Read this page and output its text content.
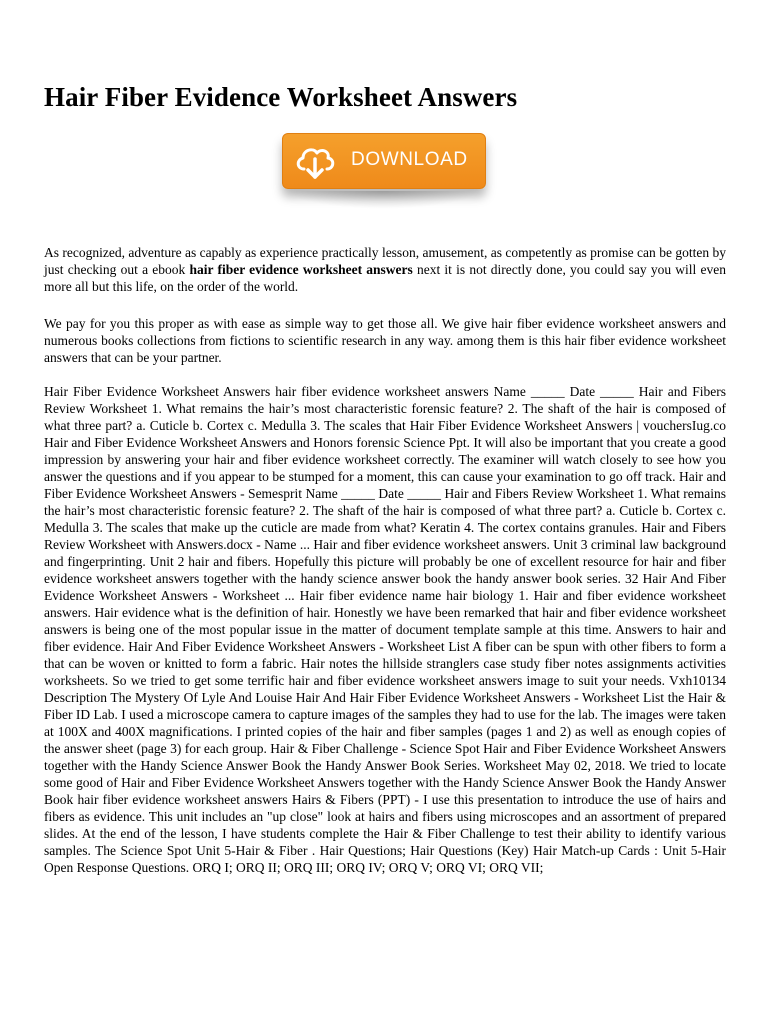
Hair Fiber Evidence Worksheet Answers
DOWNLOAD

As recognized, adventure as capably as experience practically lesson, amusement, as competently as promise can be gotten by just checking out a ebook hair fiber evidence worksheet answers next it is not directly done, you could say you will even more all but this life, on the order of the world.

We pay for you this proper as with ease as simple way to get those all. We give hair fiber evidence worksheet answers and numerous books collections from fictions to scientific research in any way. among them is this hair fiber evidence worksheet answers that can be your partner.

Hair Fiber Evidence Worksheet Answers hair fiber evidence worksheet answers Name _____ Date _____ Hair and Fibers Review Worksheet 1. What remains the hair’s most characteristic forensic feature? 2. The shaft of the hair is composed of what three part? a. Cuticle b. Cortex c. Medulla 3. The scales that Hair Fiber Evidence Worksheet Answers | vouchersIug.co Hair and Fiber Evidence Worksheet Answers and Honors forensic Science Ppt. It will also be important that you create a good impression by answering your hair and fiber evidence worksheet correctly. The examiner will watch closely to see how you answer the questions and if you appear to be stumped for a moment, this can cause your examination to go off track. Hair and Fiber Evidence Worksheet Answers - Semesprit Name _____ Date _____ Hair and Fibers Review Worksheet 1. What remains the hair’s most characteristic forensic feature? 2. The shaft of the hair is composed of what three part? a. Cuticle b. Cortex c. Medulla 3. The scales that make up the cuticle are made from what? Keratin 4. The cortex contains granules. Hair and Fibers Review Worksheet with Answers.docx - Name ... Hair and fiber evidence worksheet answers. Unit 3 criminal law background and fingerprinting. Unit 2 hair and fibers. Hopefully this picture will probably be one of excellent resource for hair and fiber evidence worksheet answers together with the handy science answer book the handy answer book series. 32 Hair And Fiber Evidence Worksheet Answers - Worksheet ... Hair fiber evidence name hair biology 1. Hair and fiber evidence worksheet answers. Hair evidence what is the definition of hair. Honestly we have been remarked that hair and fiber evidence worksheet answers is being one of the most popular issue in the matter of document template sample at this time. Answers to hair and fiber evidence. Hair And Fiber Evidence Worksheet Answers - Worksheet List A fiber can be spun with other fibers to form a that can be woven or knitted to form a fabric. Hair notes the hillside stranglers case study fiber notes assignments activities worksheets. So we tried to get some terrific hair and fiber evidence worksheet answers image to suit your needs. Vxh10134 Description The Mystery Of Lyle And Louise Hair And Hair Fiber Evidence Worksheet Answers - Worksheet List the Hair & Fiber ID Lab. I used a microscope camera to capture images of the samples they had to use for the lab. The images were taken at 100X and 400X magnifications. I printed copies of the hair and fiber samples (pages 1 and 2) as well as enough copies of the answer sheet (page 3) for each group. Hair & Fiber Challenge - Science Spot Hair and Fiber Evidence Worksheet Answers together with the Handy Science Answer Book the Handy Answer Book Series. Worksheet May 02, 2018. We tried to locate some good of Hair and Fiber Evidence Worksheet Answers together with the Handy Science Answer Book the Handy Answer Book hair fiber evidence worksheet answers Hairs & Fibers (PPT) - I use this presentation to introduce the use of hairs and fibers as evidence. This unit includes an "up close" look at hairs and fibers using microscopes and an assortment of prepared slides. At the end of the lesson, I have students complete the Hair & Fiber Challenge to test their ability to identify various samples. The Science Spot Unit 5-Hair & Fiber . Hair Questions; Hair Questions (Key) Hair Match-up Cards : Unit 5-Hair Open Response Questions. ORQ I; ORQ II; ORQ III; ORQ IV; ORQ V; ORQ VI; ORQ VII;
